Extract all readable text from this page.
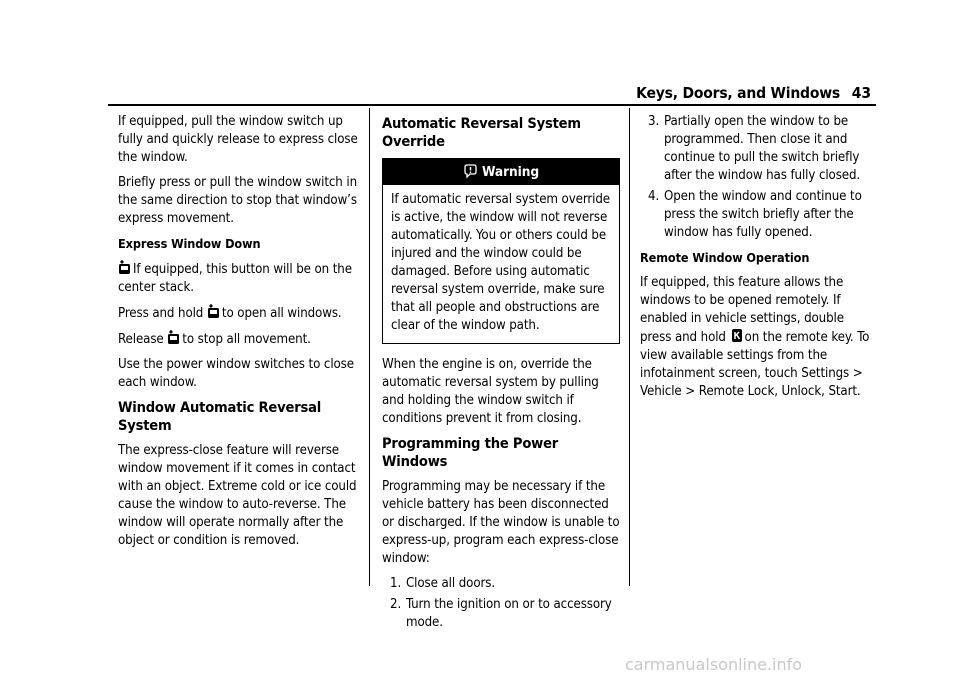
Keys, Doors, and Windows 43

If equipped, pull the window switch up fully and quickly release to express close the window.

Briefly press or pull the window switch in the same direction to stop that window’s express movement.

Express Window Down

If equipped, this button will be on the center stack.

Press and hold to open all windows.

Release to stop all movement.

Use the power window switches to close each window.

Window Automatic Reversal System

The express-close feature will reverse window movement if it comes in contact with an object. Extreme cold or ice could cause the window to auto-reverse. The window will operate normally after the object or condition is removed.

Automatic Reversal System Override
Warning
If automatic reversal system override is active, the window will not reverse automatically. You or others could be injured and the window could be damaged. Before using automatic reversal system override, make sure that all people and obstructions are clear of the window path.

When the engine is on, override the automatic reversal system by pulling and holding the window switch if conditions prevent it from closing.

Programming the Power Windows

Programming may be necessary if the vehicle battery has been disconnected or discharged. If the window is unable to express-up, program each express-close window:

1. Close all doors.
2. Turn the ignition on or to accessory mode.
3. Partially open the window to be programmed. Then close it and continue to pull the switch briefly after the window has fully closed.
4. Open the window and continue to press the switch briefly after the window has fully opened.
Remote Window Operation

If equipped, this feature allows the windows to be opened remotely. If enabled in vehicle settings, double press and hold on the remote key. To view available settings from the infotainment screen, touch Settings > Vehicle > Remote Lock, Unlock, Start.

carmanualsonline.info
